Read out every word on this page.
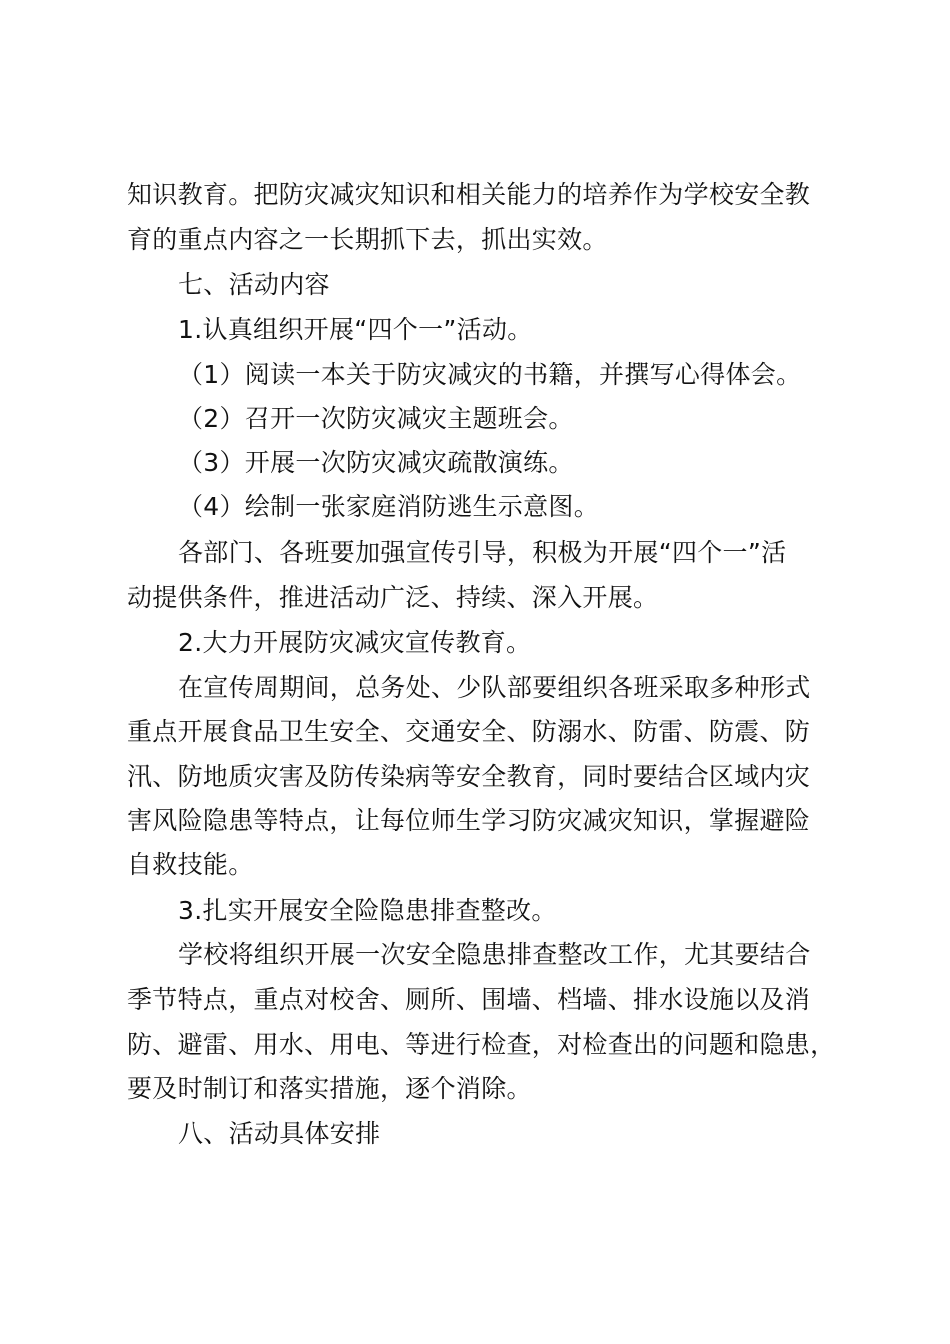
知识教育。把防灾减灾知识和相关能力的培养作为学校安全教
育的重点内容之一长期抓下去，抓出实效。
七、活动内容
1.认真组织开展“四个一”活动。
（1）阅读一本关于防灾减灾的书籍，并撰写心得体会。
（2）召开一次防灾减灾主题班会。
（3）开展一次防灾减灾疏散演练。
（4）绘制一张家庭消防逃生示意图。
各部门、各班要加强宣传引导，积极为开展“四个一”活
动提供条件，推进活动广泛、持续、深入开展。
2.大力开展防灾减灾宣传教育。
在宣传周期间，总务处、少队部要组织各班采取多种形式
重点开展食品卫生安全、交通安全、防溺水、防雷、防震、防
汛、防地质灾害及防传染病等安全教育，同时要结合区域内灾
害风险隐患等特点，让每位师生学习防灾减灾知识，掌握避险
自救技能。
3.扎实开展安全险隐患排查整改。
学校将组织开展一次安全隐患排查整改工作，尤其要结合
季节特点，重点对校舍、厕所、围墙、档墙、排水设施以及消
防、避雷、用水、用电、等进行检查，对检查出的问题和隐患，
要及时制订和落实措施，逐个消除。
八、活动具体安排
